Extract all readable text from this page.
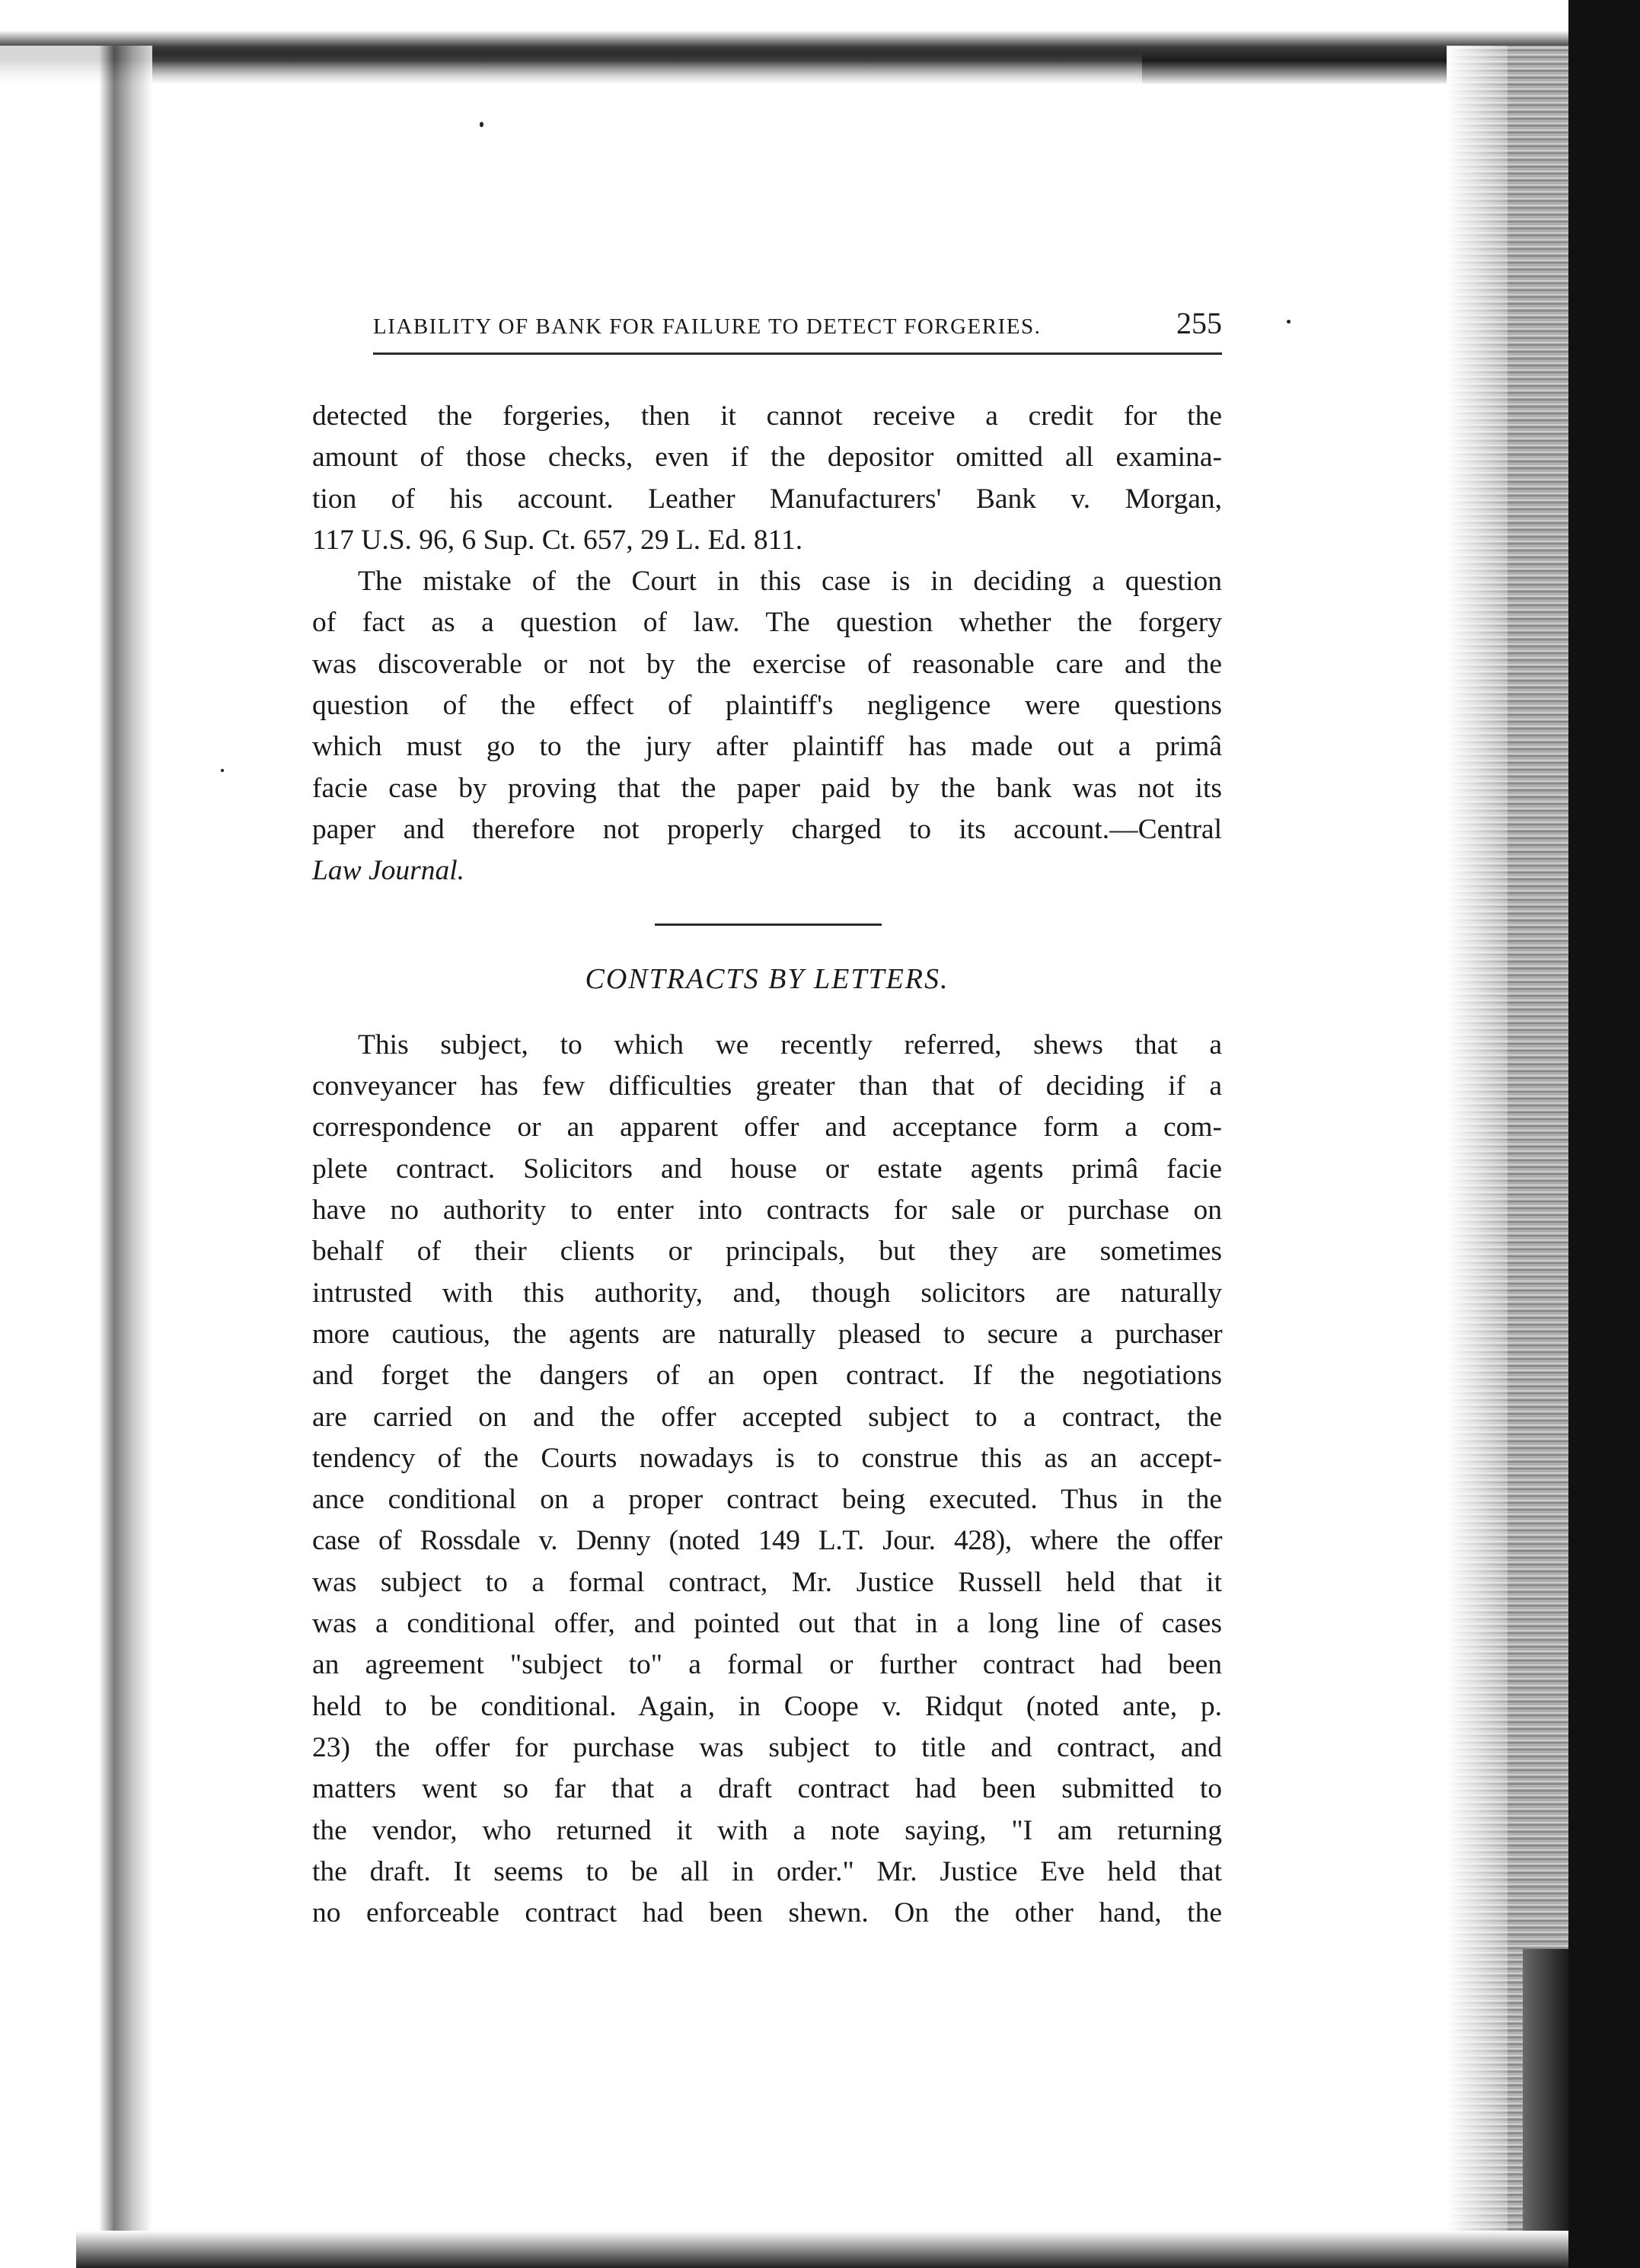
LIABILITY OF BANK FOR FAILURE TO DETECT FORGERIES.	255
detected the forgeries, then it cannot receive a credit for the
amount of those checks, even if the depositor omitted all examina-
tion of his account. Leather Manufacturers' Bank v. Morgan,
117 U.S. 96, 6 Sup. Ct. 657, 29 L. Ed. 811.
The mistake of the Court in this case is in deciding a question
of fact as a question of law. The question whether the forgery
was discoverable or not by the exercise of reasonable care and the
question of the effect of plaintiff's negligence were questions
which must go to the jury after plaintiff has made out a primâ
facie case by proving that the paper paid by the bank was not its
paper and therefore not properly charged to its account.—Central
Law Journal.
CONTRACTS BY LETTERS.
This subject, to which we recently referred, shews that a
conveyancer has few difficulties greater than that of deciding if a
correspondence or an apparent offer and acceptance form a com-
plete contract. Solicitors and house or estate agents primâ facie
have no authority to enter into contracts for sale or purchase on
behalf of their clients or principals, but they are sometimes
intrusted with this authority, and, though solicitors are naturally
more cautious, the agents are naturally pleased to secure a purchaser
and forget the dangers of an open contract. If the negotiations
are carried on and the offer accepted subject to a contract, the
tendency of the Courts nowadays is to construe this as an accept-
ance conditional on a proper contract being executed. Thus in the
case of Rossdale v. Denny (noted 149 L.T. Jour. 428), where the offer
was subject to a formal contract, Mr. Justice Russell held that it
was a conditional offer, and pointed out that in a long line of cases
an agreement "subject to" a formal or further contract had been
held to be conditional. Again, in Coope v. Ridqut (noted ante, p.
23) the offer for purchase was subject to title and contract, and
matters went so far that a draft contract had been submitted to
the vendor, who returned it with a note saying, "I am returning
the draft. It seems to be all in order." Mr. Justice Eve held that
no enforceable contract had been shewn. On the other hand, the
